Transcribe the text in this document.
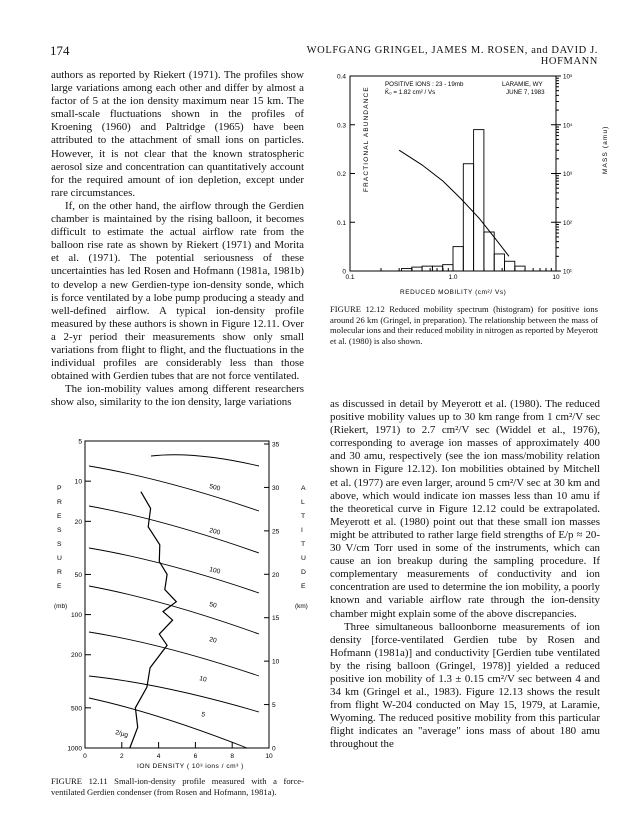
174	WOLFGANG GRINGEL, JAMES M. ROSEN, and DAVID J. HOFMANN

authors as reported by Riekert (1971). The profiles show large variations among each other and differ by almost a factor of 5 at the ion density maximum near 15 km. The small-scale fluctuations shown in the profiles of Kroening (1960) and Paltridge (1965) have been attributed to the attachment of small ions on particles. However, it is not clear that the known stratospheric aerosol size and concentration can quantitatively account for the required amount of ion depletion, except under rare circumstances.

If, on the other hand, the airflow through the Gerdien chamber is maintained by the rising balloon, it becomes difficult to estimate the actual airflow rate from the balloon rise rate as shown by Riekert (1971) and Morita et al. (1971). The potential seriousness of these uncertainties has led Rosen and Hofmann (1981a, 1981b) to develop a new Gerdien-type ion-density sonde, which is force ventilated by a lobe pump producing a steady and well-defined airflow. A typical ion-density profile measured by these authors is shown in Figure 12.11. Over a 2-yr period their measurements show only small variations from flight to flight, and the fluctuations in the individual profiles are considerably less than those obtained with Gerdien tubes that are not force ventilated.

The ion-mobility values among different researchers show also, similarity to the ion density, large variations	as discussed in detail by Meyerott et al. (1980). The reduced positive mobility values up to 30 km range from 1 cm²/V sec (Riekert, 1971) to 2.7 cm²/V sec (Widdel et al., 1976), corresponding to average ion masses of approximately 400 and 30 amu, respectively (see the ion mass/mobility relation shown in Figure 12.12). Ion mobilities obtained by Mitchell et al. (1977) are even larger, around 5 cm²/V sec at 30 km and above, which would indicate ion masses less than 10 amu if the theoretical curve in Figure 12.12 could be extrapolated. Meyerott et al. (1980) point out that these small ion masses might be attributed to rather large field strengths of E/p ≈ 20-30 V/cm Torr used in some of the instruments, which can cause an ion breakup during the sampling procedure. If complementary measurements of conductivity and ion concentration are used to determine the ion mobility, a poorly known and variable airflow rate through the ion-density chamber might explain some of the above discrepancies.

Three simultaneous balloonborne measurements of ion density [force-ventilated Gerdien tube by Rosen and Hofmann (1981a)] and conductivity [Gerdien tube ventilated by the rising balloon (Gringel, 1978)] yielded a reduced positive ion mobility of 1.3 ± 0.15 cm²/V sec between 4 and 34 km (Gringel et al., 1983). Figure 12.13 shows the result from flight W-204 conducted on May 15, 1979, at Laramie, Wyoming. The reduced positive mobility from this particular flight indicates an "average" ions mass of about 180 amu throughout the

POSITIVE IONS : 23 - 19mb
K̄₀ = 1.82 cm² / Vs
LARAMIE, WY
JUNE 7, 1983
0
0.1
0.2
0.3
0.4
0.1	1.0	10
10⁵
10⁴
10³
10²
10¹
FRACTIONAL ABUNDANCE
REDUCED MOBILITY (cm²/ Vs)
MASS (amu)
FIGURE 12.12 Reduced mobility spectrum (histogram) for positive ions around 26 km (Gringel, in preparation). The relationship between the mass of molecular ions and their reduced mobility in nitrogen as reported by Meyerott et al. (1980) is also shown.
500
200
100
50
20
10
5
2/μg
5
10
20
50
100
200
500
1000
35
30
25
20
15
10
5
0
0	2	4	6	8	10
P
R
E
S
S
U
R
E
(mb)
A
L
T
I
T
U
D
E
(km)
ION DENSITY ( 10³ ions / cm³ )
FIGURE 12.11 Small-ion-density profile measured with a force-ventilated Gerdien condenser (from Rosen and Hofmann, 1981a).
